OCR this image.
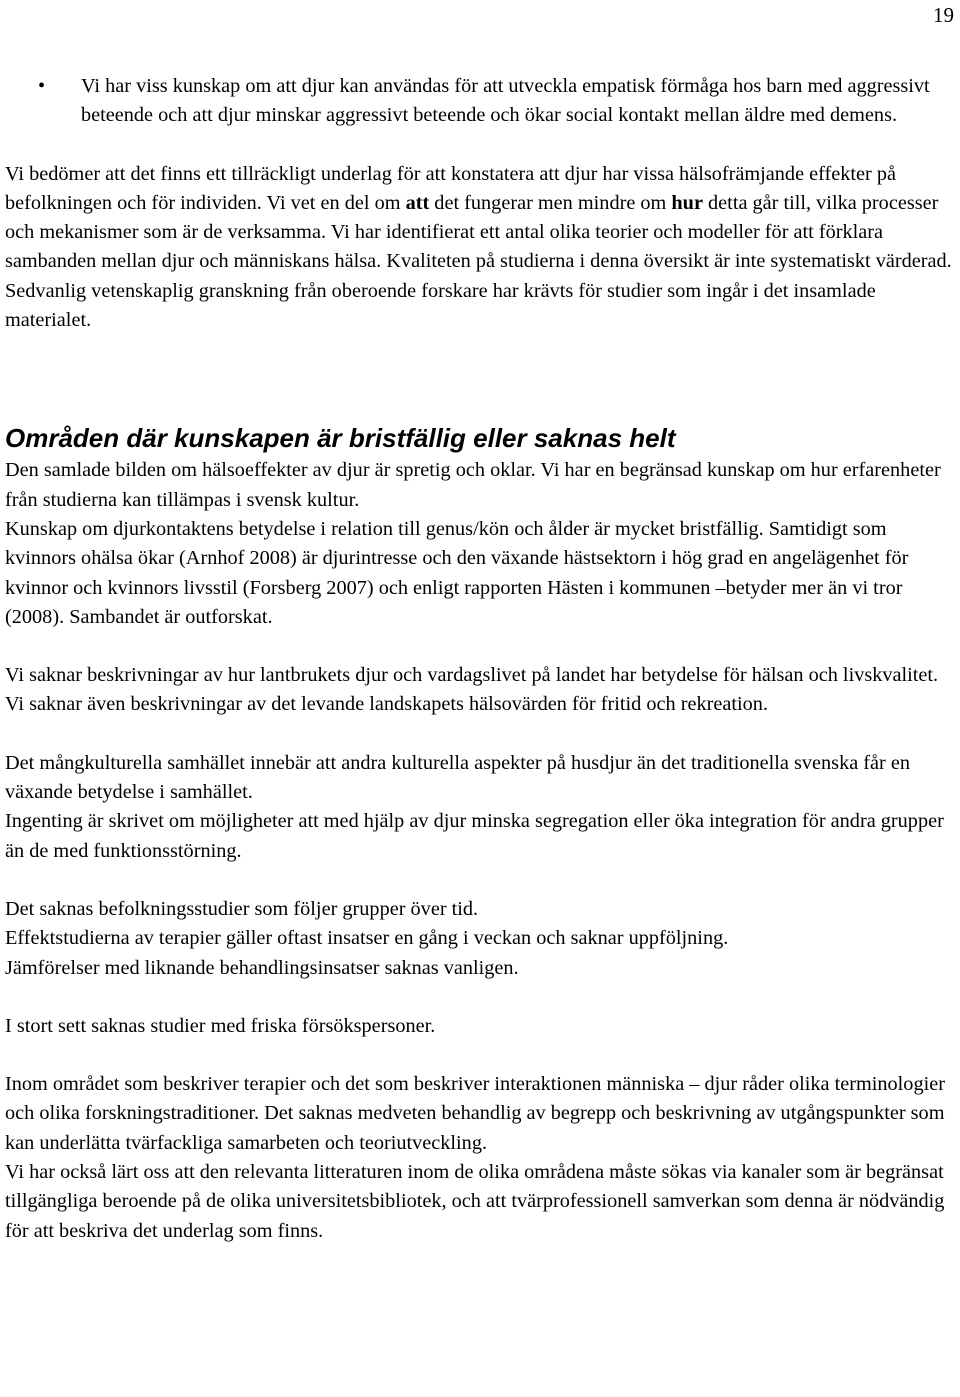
19
• Vi har viss kunskap om att djur kan användas för att utveckla empatisk förmåga hos barn med aggressivt beteende och att djur minskar aggressivt beteende och ökar social kontakt mellan äldre med demens.

Vi bedömer att det finns ett tillräckligt underlag för att konstatera att djur har vissa hälsofrämjande effekter på befolkningen och för individen. Vi vet en del om att det fungerar men mindre om hur detta går till, vilka processer och mekanismer som är de verksamma. Vi har identifierat ett antal olika teorier och modeller för att förklara sambanden mellan djur och människans hälsa. Kvaliteten på studierna i denna översikt är inte systematiskt värderad. Sedvanlig vetenskaplig granskning från oberoende forskare har krävts för studier som ingår i det insamlade materialet.

Områden där kunskapen är bristfällig eller saknas helt

Den samlade bilden om hälsoeffekter av djur är spretig och oklar. Vi har en begränsad kunskap om hur erfarenheter från studierna kan tillämpas i svensk kultur.

Kunskap om djurkontaktens betydelse i relation till genus/kön och ålder är mycket bristfällig. Samtidigt som kvinnors ohälsa ökar (Arnhof 2008) är djurintresse och den växande hästsektorn i hög grad en angelägenhet för kvinnor och kvinnors livsstil (Forsberg 2007) och enligt rapporten Hästen i kommunen –betyder mer än vi tror (2008). Sambandet är outforskat.

Vi saknar beskrivningar av hur lantbrukets djur och vardagslivet på landet har betydelse för hälsan och livskvalitet. Vi saknar även beskrivningar av det levande landskapets hälsovärden för fritid och rekreation.

Det mångkulturella samhället innebär att andra kulturella aspekter på husdjur än det traditionella svenska får en växande betydelse i samhället.

Ingenting är skrivet om möjligheter att med hjälp av djur minska segregation eller öka integration för andra grupper än de med funktionsstörning.

Det saknas befolkningsstudier som följer grupper över tid.

Effektstudierna av terapier gäller oftast insatser en gång i veckan och saknar uppföljning.

Jämförelser med liknande behandlingsinsatser saknas vanligen.

I stort sett saknas studier med friska försökspersoner.

Inom området som beskriver terapier och det som beskriver interaktionen människa – djur råder olika terminologier och olika forskningstraditioner. Det saknas medveten behandlig av begrepp och beskrivning av utgångspunkter som kan underlätta tvärfackliga samarbeten och teoriutveckling.

Vi har också lärt oss att den relevanta litteraturen inom de olika områdena måste sökas via kanaler som är begränsat tillgängliga beroende på de olika universitetsbibliotek, och att tvärprofessionell samverkan som denna är nödvändig för att beskriva det underlag som finns.
